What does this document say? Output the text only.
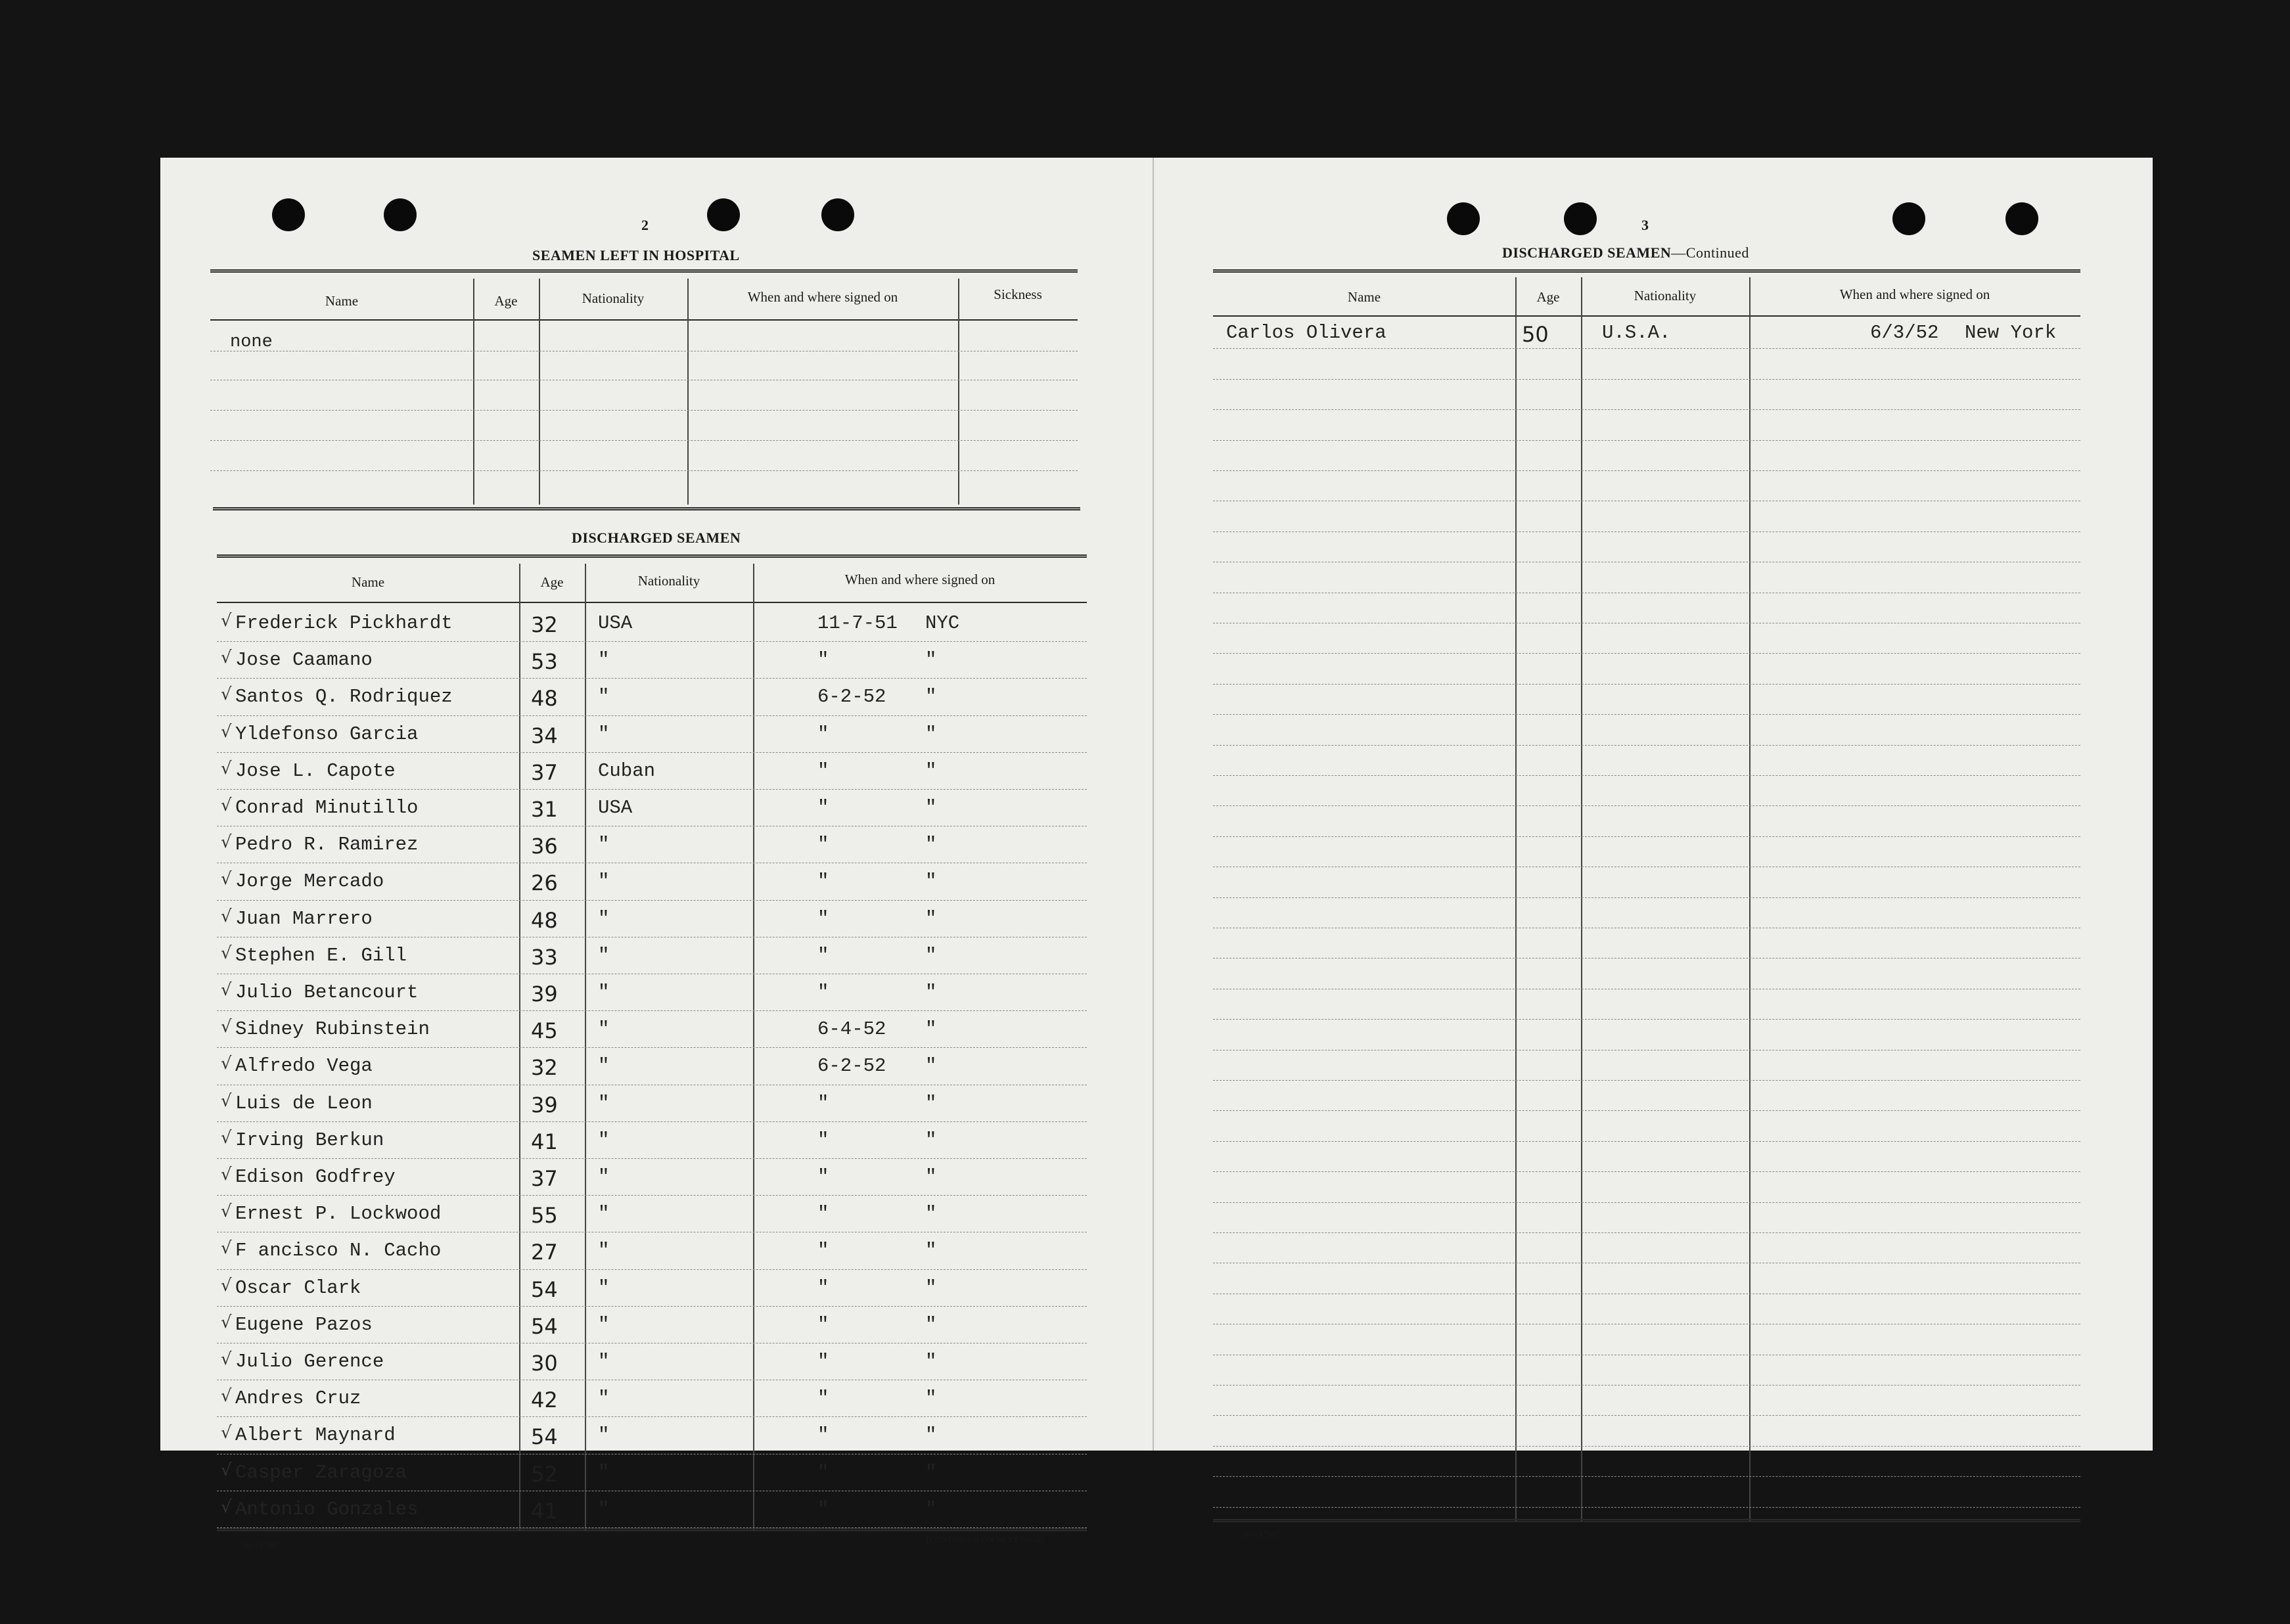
2
SEAMEN LEFT IN HOSPITAL
Name	Age	Nationality	When and where signed on	Sickness
none
DISCHARGED SEAMEN
Name	Age	Nationality	When and where signed on
√ Frederick Pickhardt	32 USA	11-7-51 NYC
√ Jose Caamano	53 "	"	"
√ Santos Q. Rodriquez	48 "	6-2-52 "
√ Yldefonso Garcia	34 "	"	"
√ Jose L. Capote	37 Cuban	"	"
√ Conrad Minutillo	31 USA	"	"
√ Pedro R. Ramirez	36 "	"	"
√ Jorge Mercado	26 "	"	"
√ Juan Marrero	48 "	"	"
√ Stephen E. Gill	33 "	"	"
√ Julio Betancourt	39 "	"	"
√ Sidney Rubinstein	45 "	6-4-52 "
√ Alfredo Vega	32 "	6-2-52 "
√ Luis de Leon	39 "	"	"
√ Irving Berkun	41 "	"	"
√ Edison Godfrey	37 "	"	"
√ Ernest P. Lockwood	55 "	"	"
√ F ancisco N. Cacho	27 "	"	"
√ Oscar Clark	54 "	"	"
√ Eugene Pazos	54 "	"	"
√ Julio Gerence	30 "	"	"
√ Andres Cruz	42 "	"	"
√ Albert Maynard	54 "	"	"
√ Casper Zaragoza	52 "	"	"
√ Antonio Gonzales	41 "	"	"
16—17387
[CONTINUED ON NEXT PAGE]
3
DISCHARGED SEAMEN—Continued
Name	Age	Nationality	When and where signed on
Carlos Olivera	50	U.S.A.	6/3/52 New York
16—17387
